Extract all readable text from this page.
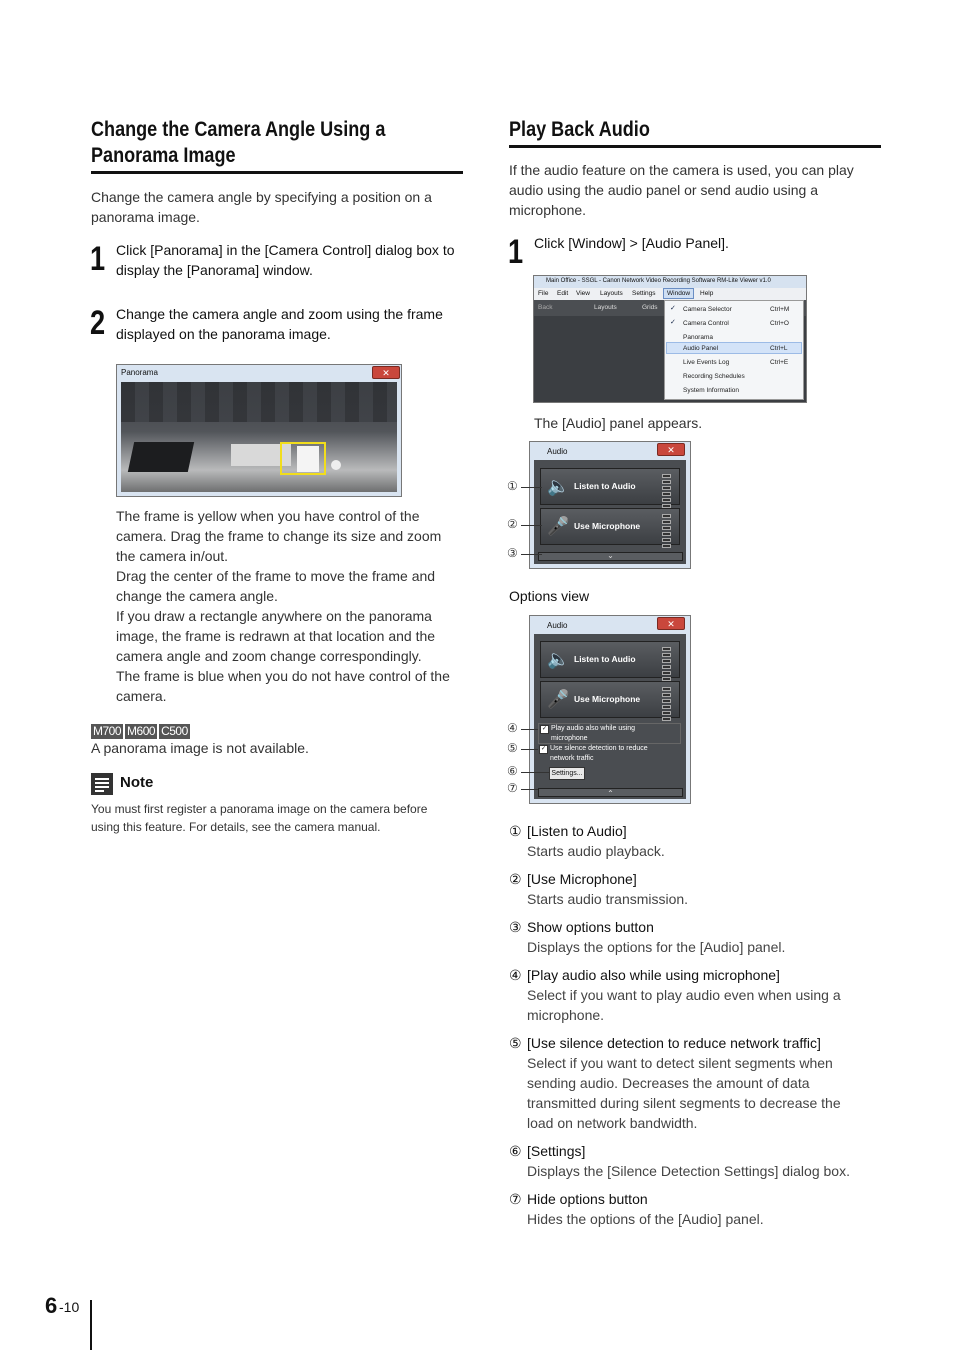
Change the Camera Angle Using a
Panorama Image
Change the camera angle by specifying a position on a
panorama image.
1 Click [Panorama] in the [Camera Control] dialog box to
display the [Panorama] window.
2 Change the camera angle and zoom using the frame
displayed on the panorama image.
Panorama	✕
The frame is yellow when you have control of the
camera. Drag the frame to change its size and zoom
the camera in/out.
Drag the center of the frame to move the frame and
change the camera angle.
If you draw a rectangle anywhere on the panorama
image, the frame is redrawn at that location and the
camera angle and zoom change correspondingly.
The frame is blue when you do not have control of the
camera.
M700 M600 C500
A panorama image is not available.
Note
You must first register a panorama image on the camera before
using this feature. For details, see the camera manual.
Play Back Audio
If the audio feature on the camera is used, you can play
audio using the audio panel or send audio using a
microphone.
1 Click [Window] > [Audio Panel].
Main Office - SSGL - Canon Network Video Recording Software RM-Lite Viewer v1.0
File Edit View Layouts Settings	Window	Help
Back	Layouts	Grids ✓ Camera Selector	Ctrl+M
✓ Camera Control	Ctrl+O
Panorama
Audio Panel	Ctrl+L
Live Events Log	Ctrl+E
Recording Schedules
System Information
The [Audio] panel appears.
Audio	✕
🔈 Listen to Audio
🎤 Use Microphone
⌄
①
②
③
Options view
Audio	✕
🔈 Listen to Audio
🎤 Use Microphone
✓ Play audio also while using
microphone
✓ Use silence detection to reduce
network traffic
Settings...
⌃
④
⑤
⑥
⑦
① [Listen to Audio]
Starts audio playback.
② [Use Microphone]
Starts audio transmission.
③ Show options button
Displays the options for the [Audio] panel.
④ [Play audio also while using microphone]
Select if you want to play audio even when using a
microphone.
⑤ [Use silence detection to reduce network traffic]
Select if you want to detect silent segments when
sending audio. Decreases the amount of data
transmitted during silent segments to decrease the
load on network bandwidth.
⑥ [Settings]
Displays the [Silence Detection Settings] dialog box.
⑦ Hide options button
Hides the options of the [Audio] panel.
6 -10
